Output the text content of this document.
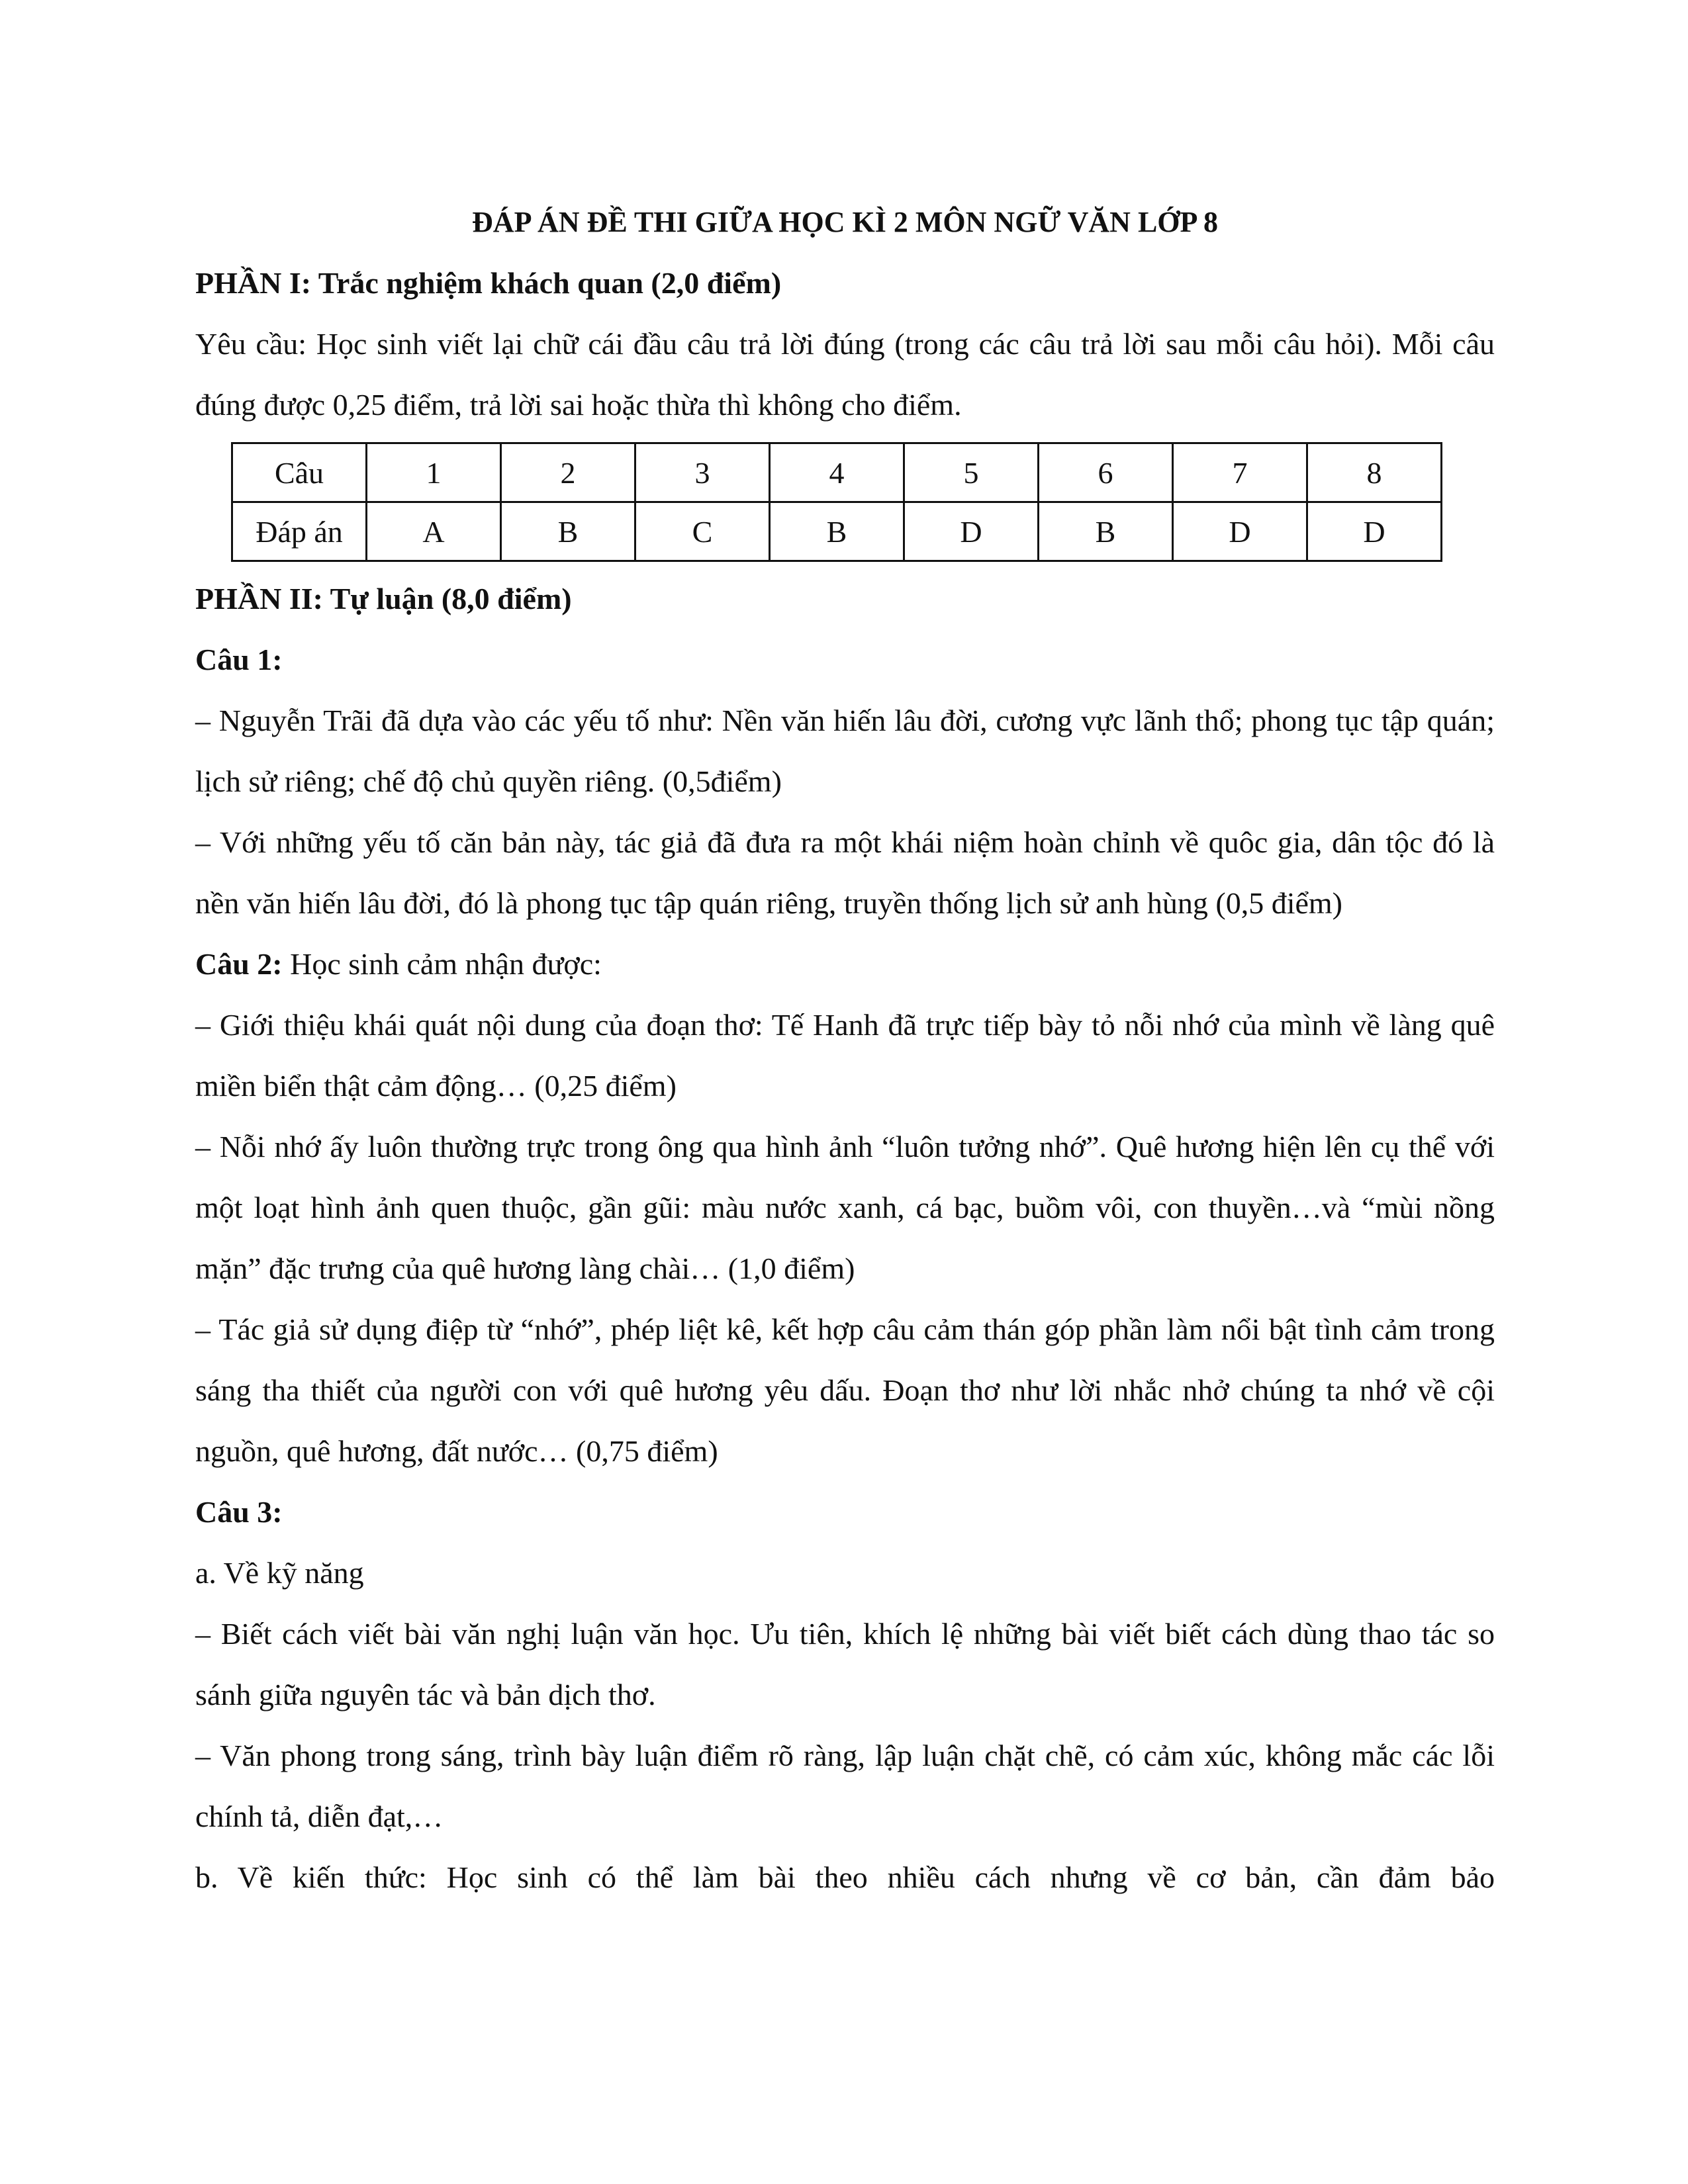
ĐÁP ÁN ĐỀ THI GIỮA HỌC KÌ 2 MÔN NGỮ VĂN LỚP 8

PHẦN I: Trắc nghiệm khách quan (2,0 điểm)

Yêu cầu: Học sinh viết lại chữ cái đầu câu trả lời đúng (trong các câu trả lời sau mỗi câu hỏi). Mỗi câu đúng được 0,25 điểm, trả lời sai hoặc thừa thì không cho điểm.

Câu	1	2	3	4	5	6	7	8
Đáp án	A	B	C	B	D	B	D	D

PHẦN II: Tự luận (8,0 điểm)

Câu 1:

– Nguyễn Trãi đã dựa vào các yếu tố như: Nền văn hiến lâu đời, cương vực lãnh thổ; phong tục tập quán; lịch sử riêng; chế độ chủ quyền riêng. (0,5điểm)

– Với những yếu tố căn bản này, tác giả đã đưa ra một khái niệm hoàn chỉnh về quôc gia, dân tộc đó là nền văn hiến lâu đời, đó là phong tục tập quán riêng, truyền thống lịch sử anh hùng (0,5 điểm)

Câu 2: Học sinh cảm nhận được:

– Giới thiệu khái quát nội dung của đoạn thơ: Tế Hanh đã trực tiếp bày tỏ nỗi nhớ của mình về làng quê miền biển thật cảm động… (0,25 điểm)

– Nỗi nhớ ấy luôn thường trực trong ông qua hình ảnh “luôn tưởng nhớ”. Quê hương hiện lên cụ thể với một loạt hình ảnh quen thuộc, gần gũi: màu nước xanh, cá bạc, buồm vôi, con thuyền…và “mùi nồng mặn” đặc trưng của quê hương làng chài… (1,0 điểm)

– Tác giả sử dụng điệp từ “nhớ”, phép liệt kê, kết hợp câu cảm thán góp phần làm nổi bật tình cảm trong sáng tha thiết của người con với quê hương yêu dấu. Đoạn thơ như lời nhắc nhở chúng ta nhớ về cội nguồn, quê hương, đất nước… (0,75 điểm)

Câu 3:

a. Về kỹ năng

– Biết cách viết bài văn nghị luận văn học. Ưu tiên, khích lệ những bài viết biết cách dùng thao tác so sánh giữa nguyên tác và bản dịch thơ.

– Văn phong trong sáng, trình bày luận điểm rõ ràng, lập luận chặt chẽ, có cảm xúc, không mắc các lỗi chính tả, diễn đạt,…

b. Về kiến thức: Học sinh có thể làm bài theo nhiều cách nhưng về cơ bản, cần đảm bảo
